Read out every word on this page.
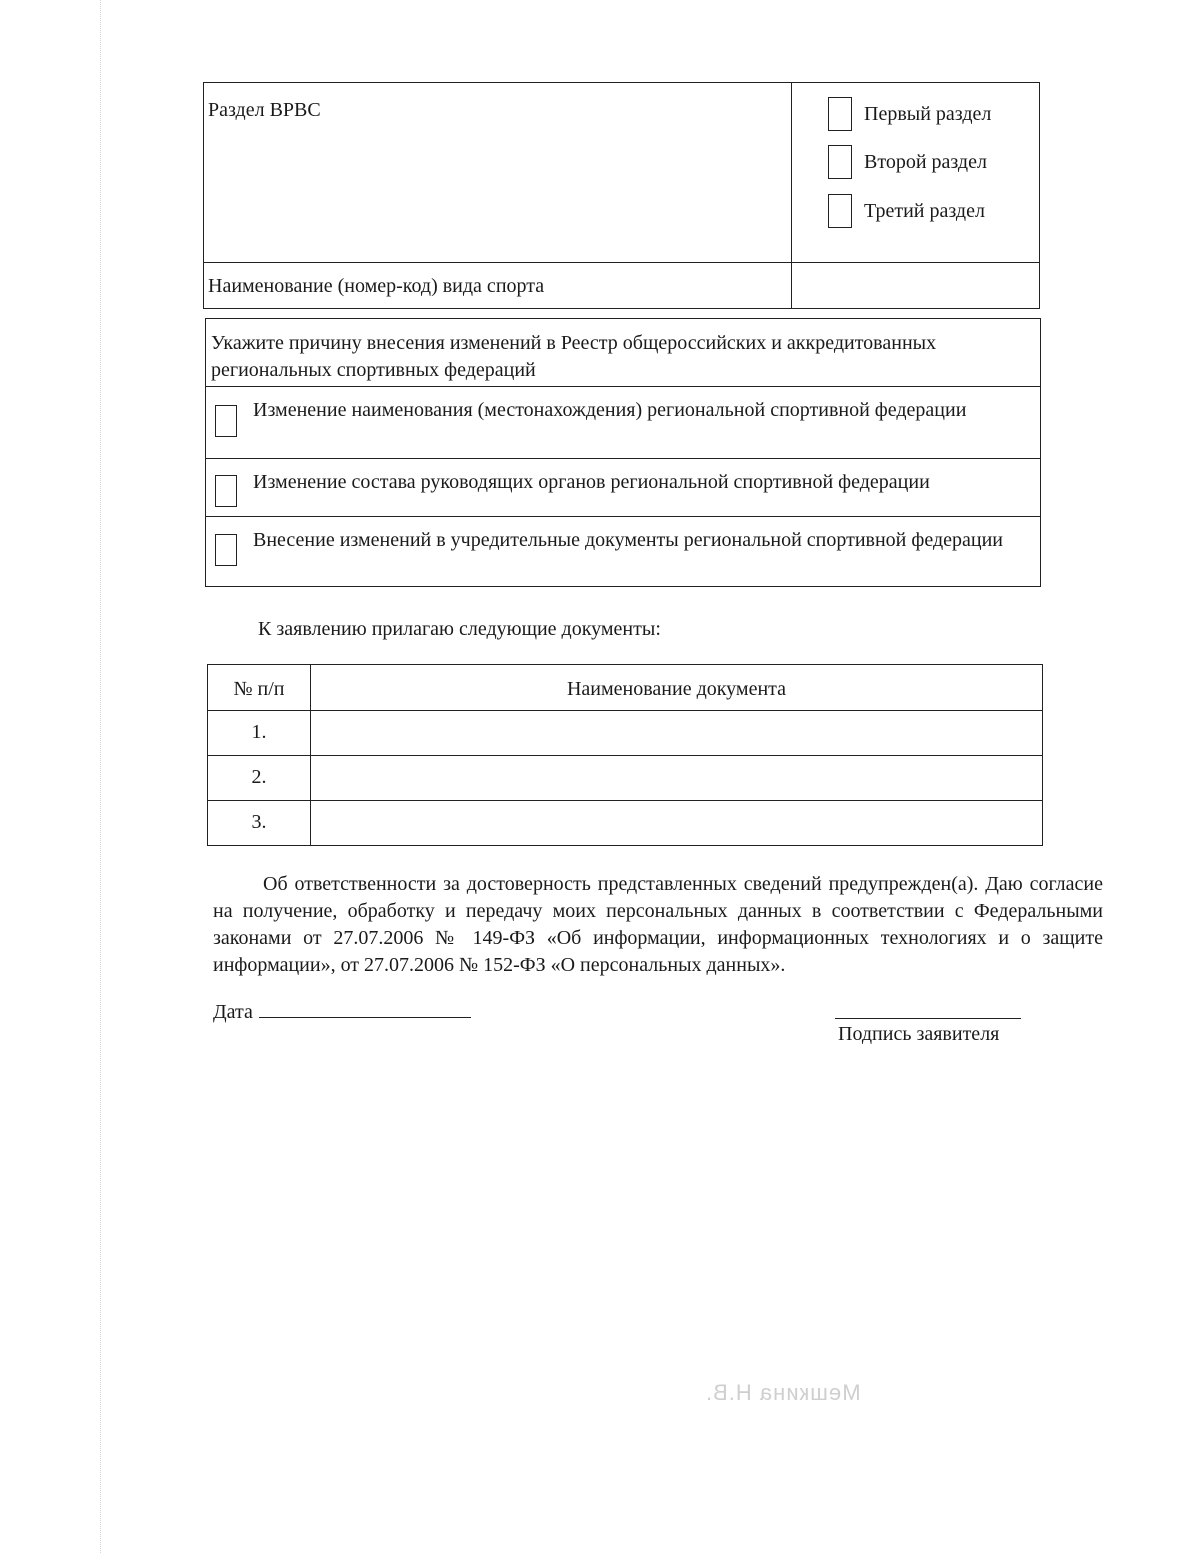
Раздел ВРВС	Первый раздел
Второй раздел
Третий раздел

Наименование (номер-код) вида спорта	
Укажите причину внесения изменений в Реестр общероссийских и аккредитованных региональных спортивных федераций

Изменение наименования (местонахождения) региональной спортивной федерации

Изменение состава руководящих органов региональной спортивной федерации

Внесение изменений в учредительные документы региональной спортивной федерации
К заявлению прилагаю следующие документы:
№ п/п	Наименование документа
1.	
2.	
3.	
Об ответственности за достоверность представленных сведений предупрежден(а). Даю согласие на получение, обработку и передачу моих персональных данных в соответствии с Федеральными законами от 27.07.2006 № 149-ФЗ «Об информации, информационных технологиях и о защите информации», от 27.07.2006 № 152-ФЗ «О персональных данных».
Дата
Подпись заявителя
Мешкина Н.В.
